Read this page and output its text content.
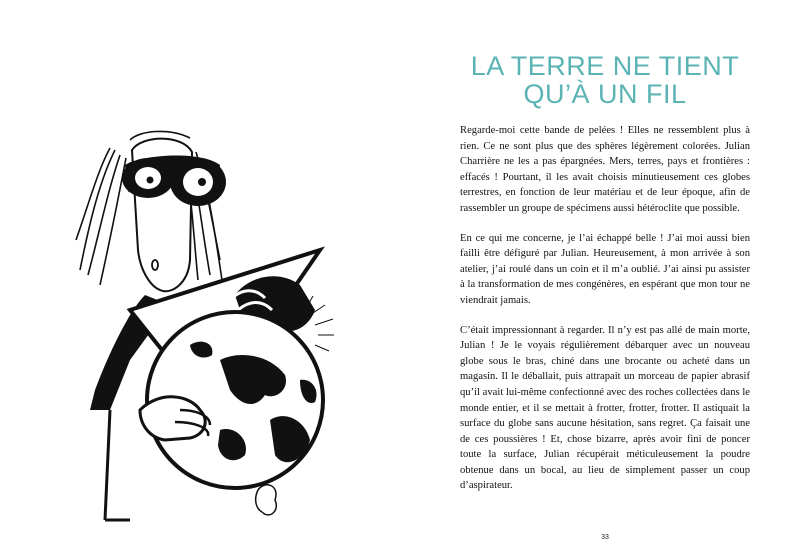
LA TERRE NE TIENT
QU’À UN FIL

Regarde-moi cette bande de pelées ! Elles ne ressemblent plus à rien. Ce ne sont plus que des sphères légèrement colorées. Julian Charrière ne les a pas épargnées. Mers, terres, pays et frontières : effacés ! Pourtant, il les avait choisis minutieusement ces globes terrestres, en fonction de leur matériau et de leur époque, afin de rassembler un groupe de spécimens aussi hétéroclite que possible.

En ce qui me concerne, je l’ai échappé belle ! J’ai moi aussi bien failli être défiguré par Julian. Heureusement, à mon arrivée à son atelier, j’ai roulé dans un coin et il m’a oublié. J’ai ainsi pu assister à la transformation de mes congénères, en espérant que mon tour ne viendrait jamais.

C’était impressionnant à regarder. Il n’y est pas allé de main morte, Julian ! Je le voyais régulièrement débarquer avec un nouveau globe sous le bras, chiné dans une brocante ou acheté dans un magasin. Il le déballait, puis attrapait un morceau de papier abrasif qu’il avait lui-même confectionné avec des roches collectées dans le monde entier, et il se mettait à frotter, frotter, frotter. Il astiquait la surface du globe sans aucune hésitation, sans regret. Ça faisait une de ces poussières ! Et, chose bizarre, après avoir fini de poncer toute la surface, Julian récupérait méticuleusement la poudre obtenue dans un bocal, au lieu de simplement passer un coup d’aspirateur.

33
